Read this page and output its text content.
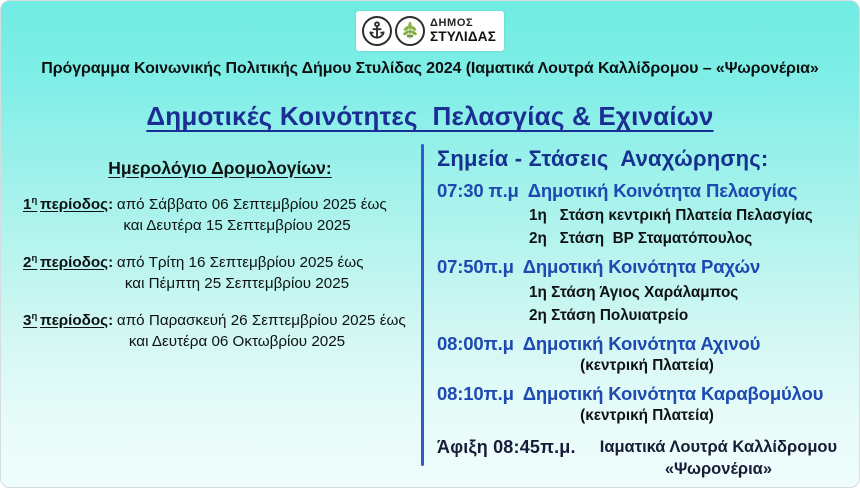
ΔΗΜΟΣ
ΣΤΥΛΙΔΑΣ
Πρόγραμμα Κοινωνικής Πολιτικής Δήμου Στυλίδας 2024 (Ιαματικά Λουτρά Καλλίδρομου – «Ψωρονέρια»
Δημοτικές Κοινότητες  Πελασγίας & Εχιναίων
Ημερολόγιο Δρομολογίων:
$1^\eta$ περίοδος: από Σάββατο 06 Σεπτεμβρίου 2025 έως
και Δευτέρα 15 Σεπτεμβρίου 2025
$2^\eta$ περίοδος: από Τρίτη 16 Σεπτεμβρίου 2025 έως
και Πέμπτη 25 Σεπτεμβρίου 2025
$3^\eta$ περίοδος: από Παρασκευή 26 Σεπτεμβρίου 2025 έως
και Δευτέρα 06 Οκτωβρίου 2025
Σημεία - Στάσεις  Αναχώρησης:
07:30 π.μ Δημοτική Κοινότητα Πελασγίας
1η   Στάση κεντρική Πλατεία Πελασγίας
2η   Στάση  BP Σταματόπουλος
07:50π.μ Δημοτική Κοινότητα Ραχών
1η Στάση Άγιος Χαράλαμπος
2η Στάση Πολυιατρείο
08:00π.μ Δημοτική Κοινότητα Αχινού
(κεντρική Πλατεία)
08:10π.μ Δημοτική Κοινότητα Καραβομύλου
(κεντρική Πλατεία)
Άφιξη 08:45π.μ. Ιαματικά Λουτρά Καλλίδρομου
«Ψωρονέρια»
